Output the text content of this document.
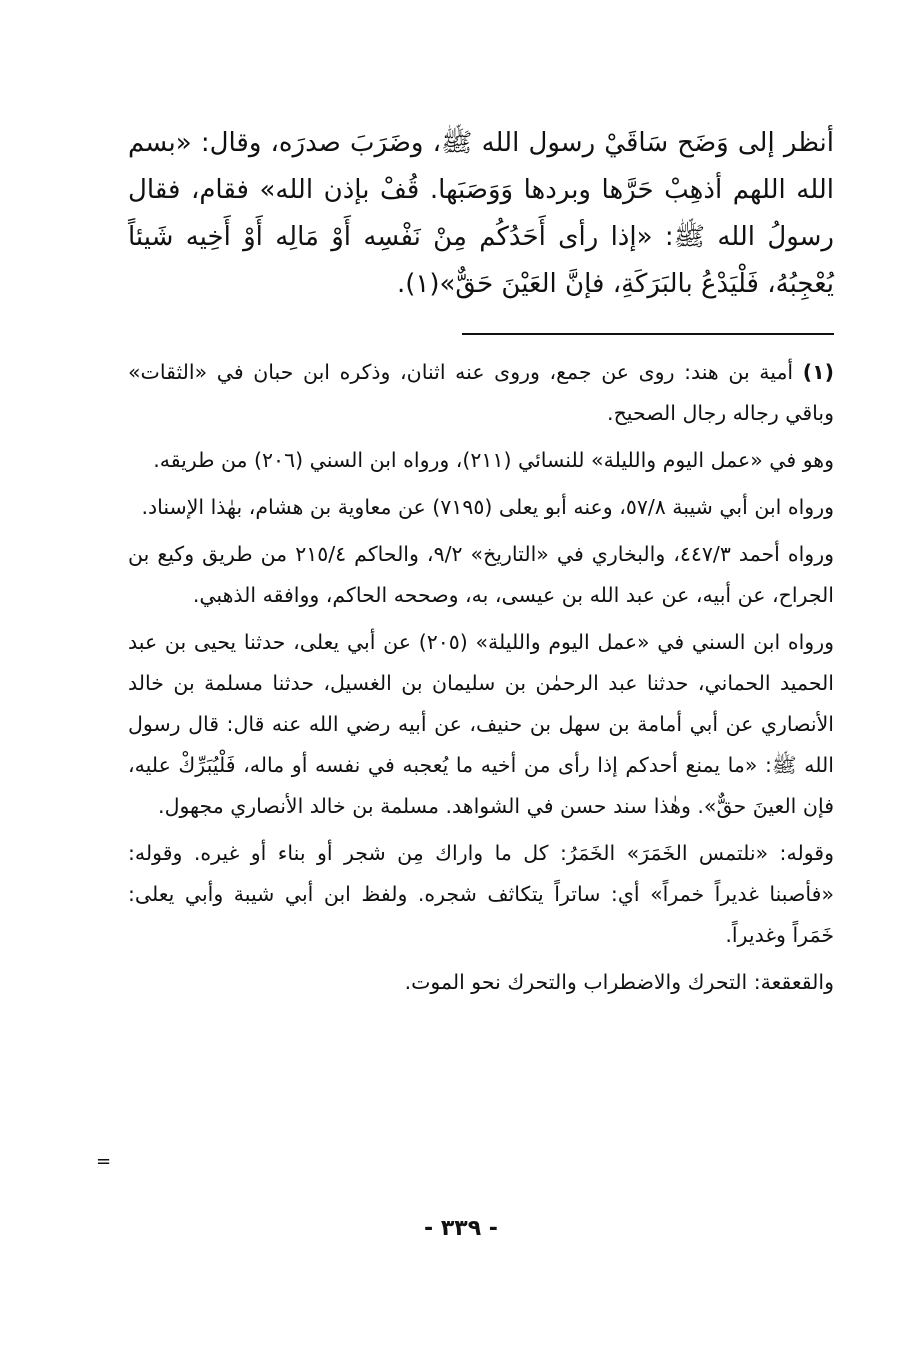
أنظر إلى وَضَح سَاقَيْ رسول الله ﷺ، وضَرَبَ صدرَه، وقال: «بسم الله اللهم أذهِبْ حَرَّها وبردها وَوَصَبَها. قُفْ بإذن الله» فقام، فقال رسولُ الله ﷺ: «إذا رأى أَحَدُكُم مِنْ نَفْسِه أَوْ مَالِه أَوْ أَخِيه شَيئاً يُعْجِبُهُ، فَلْيَدْعُ بالبَرَكَةِ، فإنَّ العَيْنَ حَقٌّ»(١).

(١) أمية بن هند: روى عن جمع، وروى عنه اثنان، وذكره ابن حبان في «الثقات» وباقي رجاله رجال الصحيح.

وهو في «عمل اليوم والليلة» للنسائي (٢١١)، ورواه ابن السني (٢٠٦) من طريقه.

ورواه ابن أبي شيبة ٥٧/٨، وعنه أبو يعلى (٧١٩٥) عن معاوية بن هشام، بهٰذا الإسناد.

ورواه أحمد ٤٤٧/٣، والبخاري في «التاريخ» ٩/٢، والحاكم ٢١٥/٤ من طريق وكيع بن الجراح، عن أبيه، عن عبد الله بن عيسى، به، وصححه الحاكم، ووافقه الذهبي.

ورواه ابن السني في «عمل اليوم والليلة» (٢٠٥) عن أبي يعلى، حدثنا يحيى بن عبد الحميد الحماني، حدثنا عبد الرحمٰن بن سليمان بن الغسيل، حدثنا مسلمة بن خالد الأنصاري عن أبي أمامة بن سهل بن حنيف، عن أبيه رضي الله عنه قال: قال رسول الله ﷺ: «ما يمنع أحدكم إذا رأى من أخيه ما يُعجبه في نفسه أو ماله، فَلْيُبَرِّكْ عليه، فإن العينَ حقٌّ». وهٰذا سند حسن في الشواهد. مسلمة بن خالد الأنصاري مجهول.

وقوله: «نلتمس الخَمَرَ» الخَمَرُ: كل ما واراك مِن شجر أو بناء أو غيره. وقوله: «فأصبنا غديراً خمراً» أي: ساتراً يتكاثف شجره. ولفظ ابن أبي شيبة وأبي يعلى: خَمَراً وغديراً.

والقعقعة: التحرك والاضطراب والتحرك نحو الموت.

=
- ٣٣٩ -
